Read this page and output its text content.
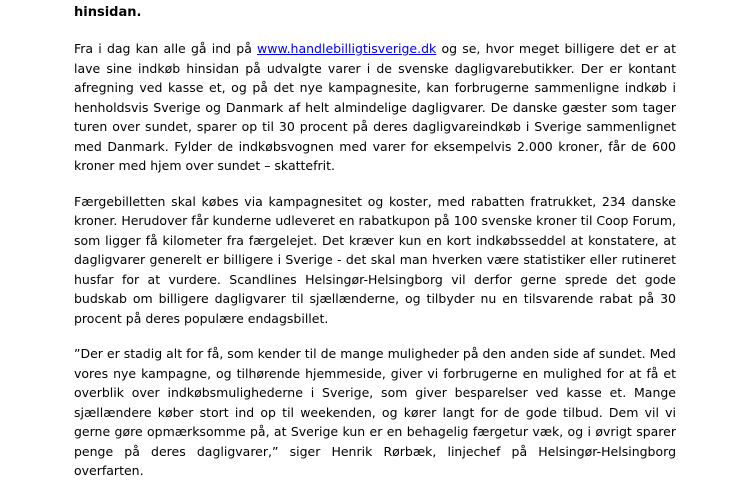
hinsidan.

Fra i dag kan alle gå ind på www.handlebilligtisverige.dk og se, hvor meget billigere det er at lave sine indkøb hinsidan på udvalgte varer i de svenske dagligvarebutikker. Der er kontant afregning ved kasse et, og på det nye kampagnesite, kan forbrugerne sammenligne indkøb i henholdsvis Sverige og Danmark af helt almindelige dagligvarer. De danske gæster som tager turen over sundet, sparer op til 30 procent på deres dagligvareindkøb i Sverige sammenlignet med Danmark. Fylder de indkøbsvognen med varer for eksempelvis 2.000 kroner, får de 600 kroner med hjem over sundet – skattefrit.

Færgebilletten skal købes via kampagnesitet og koster, med rabatten fratrukket, 234 danske kroner. Herudover får kunderne udleveret en rabatkupon på 100 svenske kroner til Coop Forum, som ligger få kilometer fra færgelejet. Det kræver kun en kort indkøbsseddel at konstatere, at dagligvarer generelt er billigere i Sverige - det skal man hverken være statistiker eller rutineret husfar for at vurdere. Scandlines Helsingør-Helsingborg vil derfor gerne sprede det gode budskab om billigere dagligvarer til sjællænderne, og tilbyder nu en tilsvarende rabat på 30 procent på deres populære endagsbillet.

”Der er stadig alt for få, som kender til de mange muligheder på den anden side af sundet. Med vores nye kampagne, og tilhørende hjemmeside, giver vi forbrugerne en mulighed for at få et overblik over indkøbsmulighederne i Sverige, som giver besparelser ved kasse et. Mange sjællændere køber stort ind op til weekenden, og kører langt for de gode tilbud. Dem vil vi gerne gøre opmærksomme på, at Sverige kun er en behagelig færgetur væk, og i øvrigt sparer penge på deres dagligvarer,” siger Henrik Rørbæk, linjechef på Helsingør-Helsingborg overfarten.
